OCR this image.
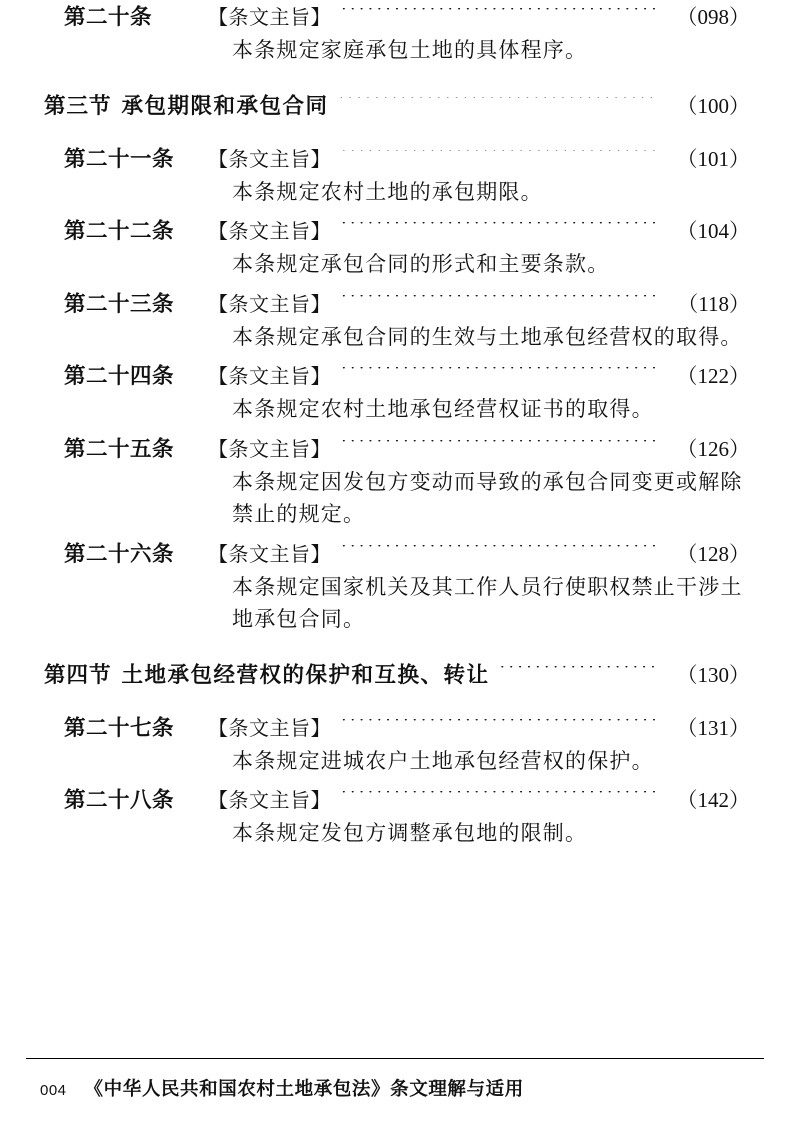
第二十条	【条文主旨】 ·····	（098）
本条规定家庭承包土地的具体程序。
第三节 承包期限和承包合同 ·····	（100）
第二十一条	【条文主旨】 ·····	（101）
本条规定农村土地的承包期限。
第二十二条	【条文主旨】 ·····	（104）
本条规定承包合同的形式和主要条款。
第二十三条	【条文主旨】 ·····	（118）
本条规定承包合同的生效与土地承包经营权的取得。
第二十四条	【条文主旨】 ·····	（122）
本条规定农村土地承包经营权证书的取得。
第二十五条	【条文主旨】 ·····	（126）
本条规定因发包方变动而导致的承包合同变更或解除禁止的规定。
第二十六条	【条文主旨】 ·····	（128）
本条规定国家机关及其工作人员行使职权禁止干涉土地承包合同。
第四节 土地承包经营权的保护和互换、转让 ·····	（130）
第二十七条	【条文主旨】 ·····	（131）
本条规定进城农户土地承包经营权的保护。
第二十八条	【条文主旨】 ·····	（142）
本条规定发包方调整承包地的限制。
004 《中华人民共和国农村土地承包法》条文理解与适用
